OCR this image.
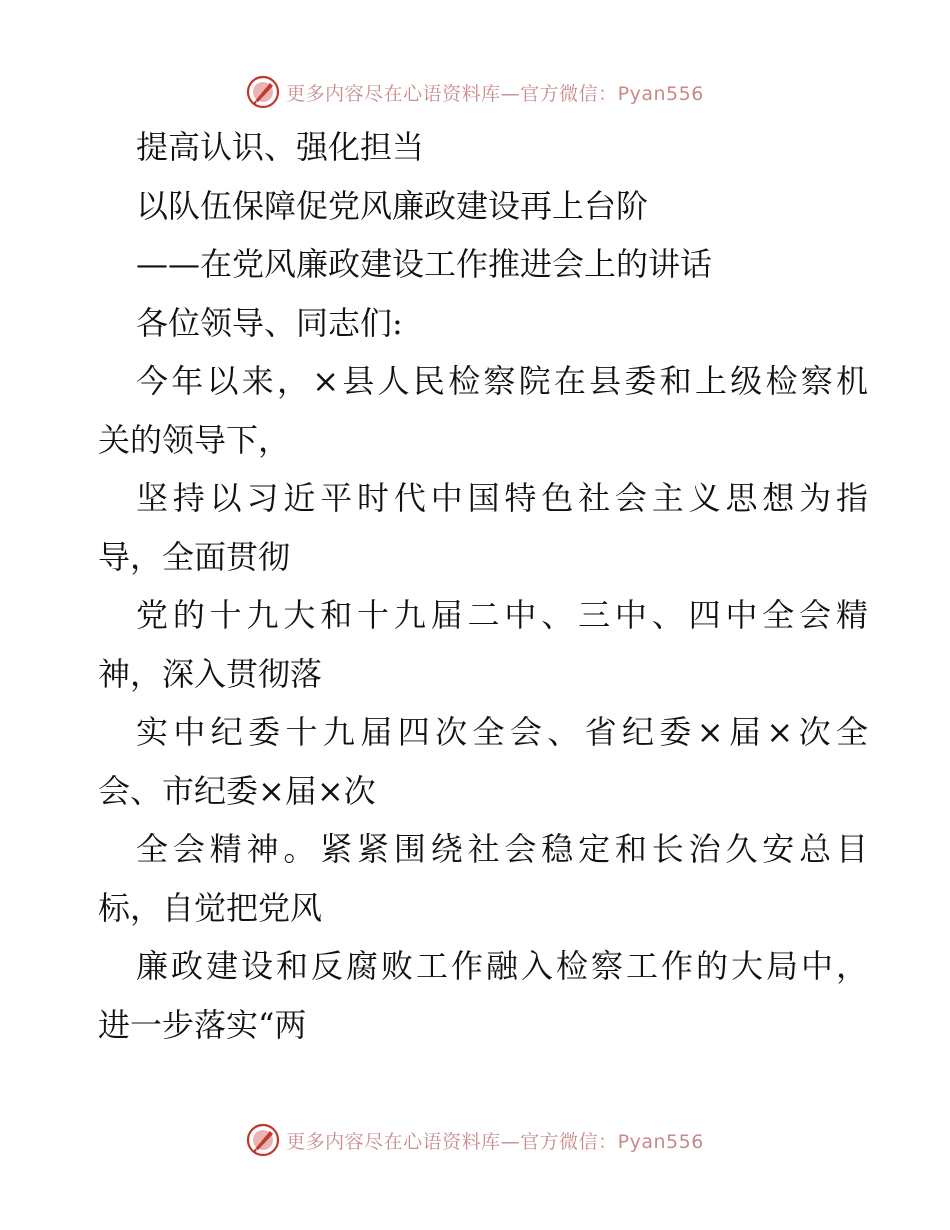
更多内容尽在心语资料库—官方微信：Pyan556
提高认识、强化担当
以队伍保障促党风廉政建设再上台阶
——在党风廉政建设工作推进会上的讲话
各位领导、同志们:
今年以来，×县人民检察院在县委和上级检察机
关的领导下，
坚持以习近平时代中国特色社会主义思想为指
导，全面贯彻
党的十九大和十九届二中、三中、四中全会精
神，深入贯彻落
实中纪委十九届四次全会、省纪委×届×次全
会、市纪委×届×次
全会精神。紧紧围绕社会稳定和长治久安总目
标，自觉把党风
廉政建设和反腐败工作融入检察工作的大局中，
进一步落实“两
更多内容尽在心语资料库—官方微信：Pyan556
